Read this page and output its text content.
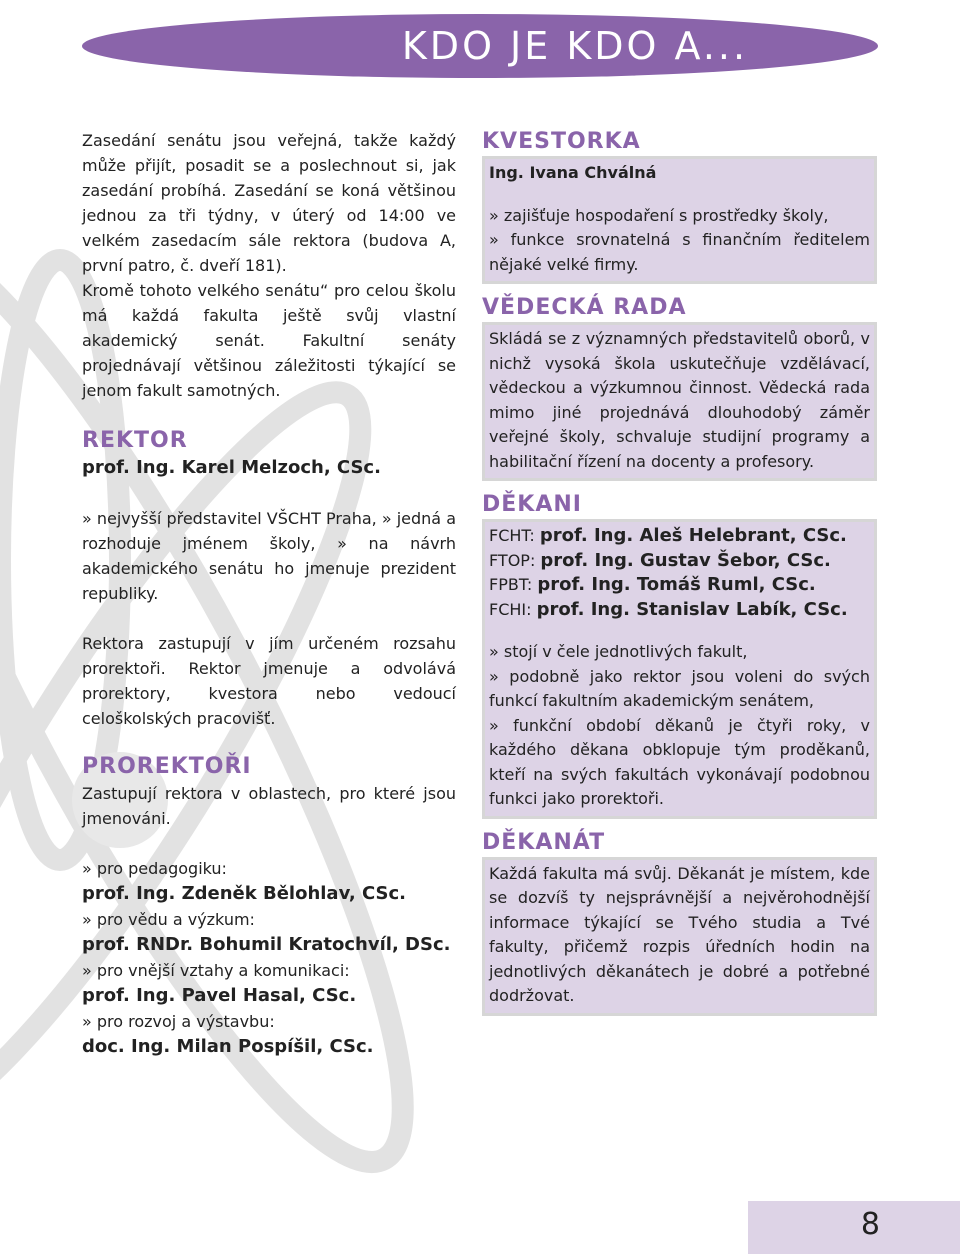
KDO JE KDO A...

Zasedání senátu jsou veřejná, takže každý může přijít, posadit se a poslechnout si, jak zasedání probíhá. Zasedání se koná většinou jednou za tři týdny, v úterý od 14:00 ve velkém zasedacím sále rektora (budova A, první patro, č. dveří 181).

Kromě tohoto velkého senátu“ pro celou školu má každá fakulta ještě svůj vlastní akademický senát. Fakultní senáty projednávají většinou záležitosti týkající se jenom fakult samotných.

REKTOR

prof. Ing. Karel Melzoch, CSc.

» nejvyšší představitel VŠCHT Praha, » jedná a rozhoduje jménem školy, » na návrh akademického senátu ho jmenuje prezident republiky.

Rektora zastupují v jím určeném rozsahu prorektoři. Rektor jmenuje a odvolává prorektory, kvestora nebo vedoucí celoškolských pracovišť.

PROREKTOŘI

Zastupují rektora v oblastech, pro které jsou jmenováni.

» pro pedagogiku:

prof. Ing. Zdeněk Bělohlav, CSc.

» pro vědu a výzkum:

prof. RNDr. Bohumil Kratochvíl, DSc.

» pro vnější vztahy a komunikaci:

prof. Ing. Pavel Hasal, CSc.

» pro rozvoj a výstavbu:

doc. Ing. Milan Pospíšil, CSc.

KVESTORKA

Ing. Ivana Chválná

» zajišťuje hospodaření s prostředky školy,

» funkce srovnatelná s finančním ředitelem nějaké velké firmy.

VĚDECKÁ RADA

Skládá se z významných představitelů oborů, v nichž vysoká škola uskutečňuje vzdělávací, vědeckou a výzkumnou činnost. Vědecká rada mimo jiné projednává dlouhodobý záměr veřejné školy, schvaluje studijní programy a habilitační řízení na docenty a profesory.

DĚKANI

FCHT: prof. Ing. Aleš Helebrant, CSc.

FTOP: prof. Ing. Gustav Šebor, CSc.

FPBT: prof. Ing. Tomáš Ruml, CSc.

FCHI: prof. Ing. Stanislav Labík, CSc.

» stojí v čele jednotlivých fakult,

» podobně jako rektor jsou voleni do svých funkcí fakultním akademickým senátem,

» funkční období děkanů je čtyři roky, v každého děkana obklopuje tým proděkanů, kteří na svých fakultách vykonávají podobnou funkci jako prorektoři.

DĚKANÁT

Každá fakulta má svůj. Děkanát je místem, kde se dozvíš ty nejsprávnější a nejvěrohodnější informace týkající se Tvého studia a Tvé fakulty, přičemž rozpis úředních hodin na jednotlivých děkanátech je dobré a potřebné dodržovat.

8
